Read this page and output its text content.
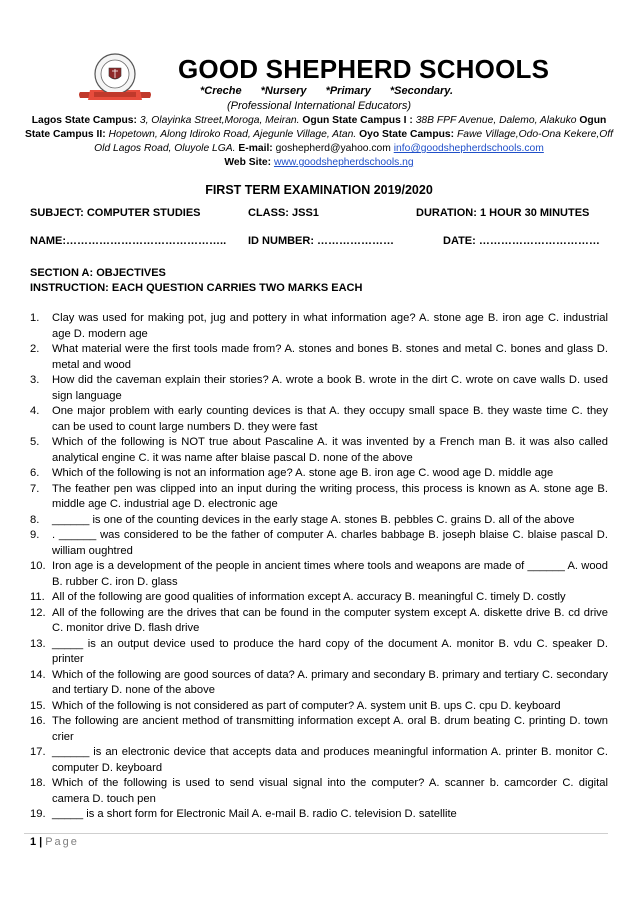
GOOD SHEPHERD SCHOOLS
*Creche *Nursery *Primary *Secondary.
(Professional International Educators)
Lagos State Campus: 3, Olayinka Street,Moroga, Meiran. Ogun State Campus I : 38B FPF Avenue, Dalemo, Alakuko Ogun State Campus II: Hopetown, Along Idiroko Road, Ajegunle Village, Atan. Oyo State Campus: Fawe Village,Odo-Ona Kekere,Off Old Lagos Road, Oluyole LGA. E-mail: goshepherd@yahoo.com info@goodshepherdschools.com
Web Site: www.goodshepherdschools.ng
FIRST TERM EXAMINATION 2019/2020
SUBJECT: COMPUTER STUDIES	CLASS: JSS1	DURATION: 1 HOUR 30 MINUTES
NAME:…………………………………….. ID NUMBER: …………………	DATE: ……………………………
SECTION A: OBJECTIVES
INSTRUCTION: EACH QUESTION CARRIES TWO MARKS EACH
1. Clay was used for making pot, jug and pottery in what information age? A. stone age B. iron age C. industrial age D. modern age
2. What material were the first tools made from? A. stones and bones B. stones and metal C. bones and glass D. metal and wood
3. How did the caveman explain their stories? A. wrote a book B. wrote in the dirt C. wrote on cave walls D. used sign language
4. One major problem with early counting devices is that A. they occupy small space B. they waste time C. they can be used to count large numbers D. they were fast
5. Which of the following is NOT true about Pascaline A. it was invented by a French man B. it was also called analytical engine C. it was name after blaise pascal D. none of the above
6. Which of the following is not an information age? A. stone age B. iron age C. wood age D. middle age
7. The feather pen was clipped into an input during the writing process, this process is known as A. stone age B. middle age C. industrial age D. electronic age
8. ______ is one of the counting devices in the early stage A. stones B. pebbles C. grains D. all of the above
9. . ______ was considered to be the father of computer A. charles babbage B. joseph blaise C. blaise pascal D. william oughtred
10. Iron age is a development of the people in ancient times where tools and weapons are made of ______ A. wood B. rubber C. iron D. glass
11. All of the following are good qualities of information except A. accuracy B. meaningful C. timely D. costly
12. All of the following are the drives that can be found in the computer system except A. diskette drive B. cd drive C. monitor drive D. flash drive
13. _____ is an output device used to produce the hard copy of the document A. monitor B. vdu C. speaker D. printer
14. Which of the following are good sources of data? A. primary and secondary B. primary and tertiary C. secondary and tertiary D. none of the above
15. Which of the following is not considered as part of computer? A. system unit B. ups C. cpu D. keyboard
16. The following are ancient method of transmitting information except A. oral B. drum beating C. printing D. town crier
17. ______ is an electronic device that accepts data and produces meaningful information A. printer B. monitor C. computer D. keyboard
18. Which of the following is used to send visual signal into the computer? A. scanner b. camcorder C. digital camera D. touch pen
19. _____ is a short form for Electronic Mail A. e-mail B. radio C. television D. satellite
1 | Page
